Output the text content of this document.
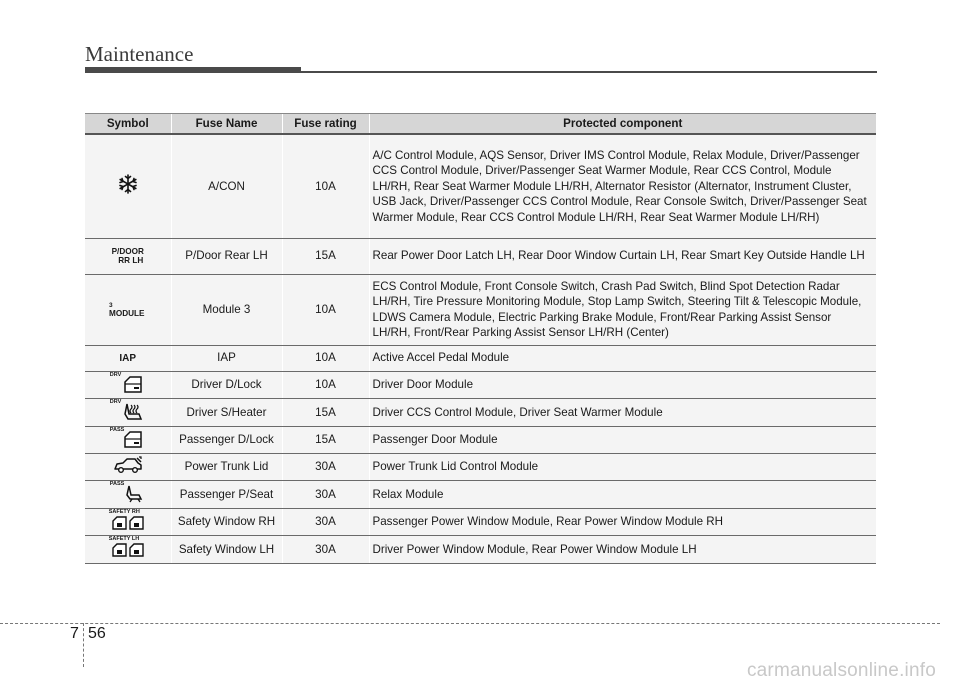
Maintenance
Symbol	Fuse Name	Fuse rating	Protected component
	A/CON	10A	A/C Control Module, AQS Sensor, Driver IMS Control Module, Relax Module, Driver/Passenger CCS Control Module, Driver/Passenger Seat Warmer Module, Rear CCS Control, Module LH/RH, Rear Seat Warmer Module LH/RH, Alternator Resistor (Alternator, Instrument Cluster, USB Jack, Driver/Passenger CCS Control Module, Rear Console Switch, Driver/Passenger Seat Warmer Module, Rear CCS Control Module LH/RH, Rear Seat Warmer Module LH/RH)

P/DOOR
RR LH	P/Door Rear LH	15A	Rear Power Door Latch LH, Rear Door Window Curtain LH, Rear Smart Key Outside Handle LH

3
MODULE	Module 3	10A	ECS Control Module, Front Console Switch, Crash Pad Switch, Blind Spot Detection Radar LH/RH, Tire Pressure Monitoring Module, Stop Lamp Switch, Steering Tilt & Telescopic Module, LDWS Camera Module, Electric Parking Brake Module, Front/Rear Parking Assist Sensor LH/RH, Front/Rear Parking Assist Sensor LH/RH (Center)
IAP	IAP	10A	Active Accel Pedal Module

DRV	Driver D/Lock	10A	Driver Door Module

DRV	Driver S/Heater	15A	Driver CCS Control Module, Driver Seat Warmer Module

PASS	Passenger D/Lock	15A	Passenger Door Module
	Power Trunk Lid	30A	Power Trunk Lid Control Module

PASS	Passenger P/Seat	30A	Relax Module

SAFETY RH	Safety Window RH	30A	Passenger Power Window Module, Rear Power Window Module RH

SAFETY LH	Safety Window LH	30A	Driver Power Window Module, Rear Power Window Module LH
7 56
carmanualsonline.info
